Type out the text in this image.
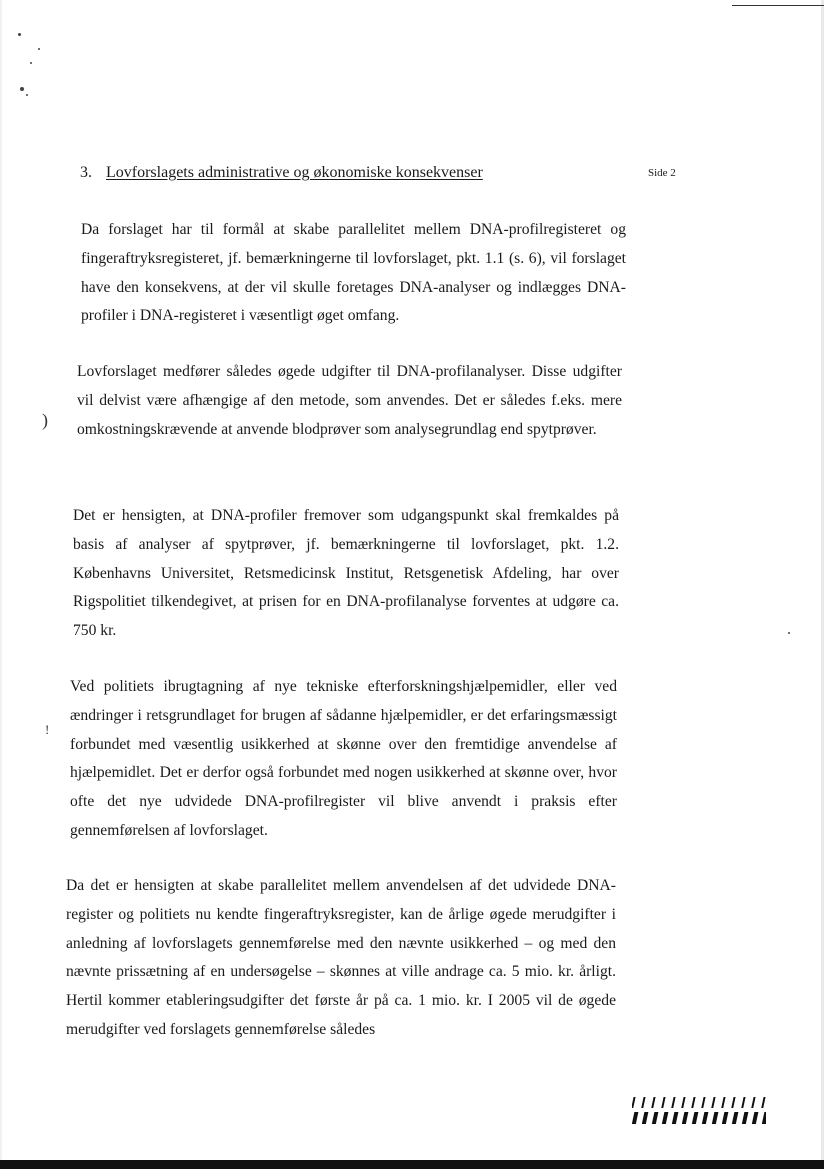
3. Lovforslagets administrative og økonomiske konsekvenser	Side 2

Da forslaget har til formål at skabe parallelitet mellem DNA-profilregisteret og fingeraftryksregisteret, jf. bemærkningerne til lovforslaget, pkt. 1.1 (s. 6), vil forslaget have den konsekvens, at der vil skulle foretages DNA-analyser og indlægges DNA-profiler i DNA-registeret i væsentligt øget omfang.

Lovforslaget medfører således øgede udgifter til DNA-profilanalyser. Disse udgifter vil delvist være afhængige af den metode, som anvendes. Det er således f.eks. mere omkostningskrævende at anvende blodprøver som analysegrundlag end spytprøver.

Det er hensigten, at DNA-profiler fremover som udgangspunkt skal fremkaldes på basis af analyser af spytprøver, jf. bemærkningerne til lovforslaget, pkt. 1.2. Københavns Universitet, Retsmedicinsk Institut, Retsgenetisk Afdeling, har over Rigspolitiet tilkendegivet, at prisen for en DNA-profilanalyse forventes at udgøre ca. 750 kr.

Ved politiets ibrugtagning af nye tekniske efterforskningshjælpemidler, eller ved ændringer i retsgrundlaget for brugen af sådanne hjælpemidler, er det erfaringsmæssigt forbundet med væsentlig usikkerhed at skønne over den fremtidige anvendelse af hjælpemidlet. Det er derfor også forbundet med nogen usikkerhed at skønne over, hvor ofte det nye udvidede DNA-profilregister vil blive anvendt i praksis efter gennemførelsen af lovforslaget.

Da det er hensigten at skabe parallelitet mellem anvendelsen af det udvidede DNA-register og politiets nu kendte fingeraftryksregister, kan de årlige øgede merudgifter i anledning af lovforslagets gennemførelse med den nævnte usikkerhed – og med den nævnte prissætning af en undersøgelse – skønnes at ville andrage ca. 5 mio. kr. årligt. Hertil kommer etableringsudgifter det første år på ca. 1 mio. kr. I 2005 vil de øgede merudgifter ved forslagets gennemførelse således

)
!
